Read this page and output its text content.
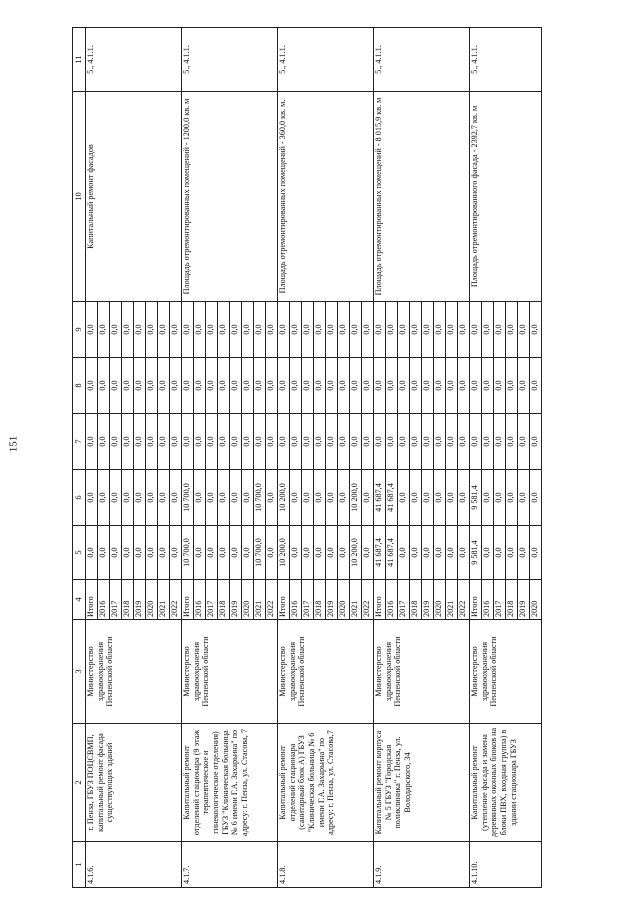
151
1	2	3	4	5	6	7	8	9	10	11
4.1.6.	г. Пенза, ГБУЗ ПОЦСВМП, капитальный ремонт фасада существующих зданий	Министерство здравоохранения Пензенской области	Итого	0,0	0,0	0,0	0,0	0,0	Капитальный ремонт фасадов	5., 4.1.1.
			2016	0,0	0,0	0,0	0,0	0,0		
			2017	0,0	0,0	0,0	0,0	0,0		
			2018	0,0	0,0	0,0	0,0	0,0		
			2019	0,0	0,0	0,0	0,0	0,0		
			2020	0,0	0,0	0,0	0,0	0,0		
			2021	0,0	0,0	0,0	0,0	0,0		
			2022	0,0	0,0	0,0	0,0	0,0		
4.1.7.	Капитальный ремонт отделений стационара (9 этаж терапевтическое и гинекологическое отделения) ГБУЗ "Клиническая больница № 6 имени Г.А. Захарьина" по адресу: г. Пенза, ул. Стасова, 7	Министерство здравоохранения Пензенской области	Итого	10 700,0	10 700,0	0,0	0,0	0,0	Площадь отремонтированных помещений - 1200,0 кв. м	5., 4.1.1.
			2016	0,0	0,0	0,0	0,0	0,0		
			2017	0,0	0,0	0,0	0,0	0,0		
			2018	0,0	0,0	0,0	0,0	0,0		
			2019	0,0	0,0	0,0	0,0	0,0		
			2020	0,0	0,0	0,0	0,0	0,0		
			2021	10 700,0	10 700,0	0,0	0,0	0,0		
			2022	0,0	0,0	0,0	0,0	0,0		
4.1.8.	Капитальный ремонт отделений стационара (санитарный блок А) ГБУЗ "Клиническая больница № 6 имени Г.А. Захарьина" по адресу: г. Пенза, ул. Стасова,7	Министерство здравоохранения Пензенской области	Итого	10 200,0	10 200,0	0,0	0,0	0,0	Площадь отремонтированных помещений - 360,0 кв. м.	5., 4.1.1.
			2016	0,0	0,0	0,0	0,0	0,0		
			2017	0,0	0,0	0,0	0,0	0,0		
			2018	0,0	0,0	0,0	0,0	0,0		
			2019	0,0	0,0	0,0	0,0	0,0		
			2020	0,0	0,0	0,0	0,0	0,0		
			2021	10 200,0	10 200,0	0,0	0,0	0,0		
			2022	0,0	0,0	0,0	0,0	0,0		
4.1.9.	Капитальный ремонт корпуса № 5 ГБУЗ "Городская поликлиника" г. Пенза, ул. Володарского, 34	Министерство здравоохранения Пензенской области	Итого	41 687,4	41 687,4	0,0	0,0	0,0	Площадь отремонтированных помещений - 8 015,9 кв. м	5., 4.1.1.
			2016	41 687,4	41 687,4	0,0	0,0	0,0		
			2017	0,0	0,0	0,0	0,0	0,0		
			2018	0,0	0,0	0,0	0,0	0,0		
			2019	0,0	0,0	0,0	0,0	0,0		
			2020	0,0	0,0	0,0	0,0	0,0		
			2021	0,0	0,0	0,0	0,0	0,0		
			2022	0,0	0,0	0,0	0,0	0,0		
4.1.10.	Капитальный ремонт (утепление фасада и замена деревянных оконных блоков на блоки ПВХ, входная группа) в здании стационара ГБУЗ	Министерство здравоохранения Пензенской области	Итого	9 581,4	9 581,4	0,0	0,0	0,0	Площадь отремонтированного фасада - 2392,7 кв. м	5., 4.1.1.
			2016	0,0	0,0	0,0	0,0	0,0		
			2017	0,0	0,0	0,0	0,0	0,0		
			2018	0,0	0,0	0,0	0,0	0,0		
			2019	0,0	0,0	0,0	0,0	0,0		
			2020	0,0	0,0	0,0	0,0	0,0		
